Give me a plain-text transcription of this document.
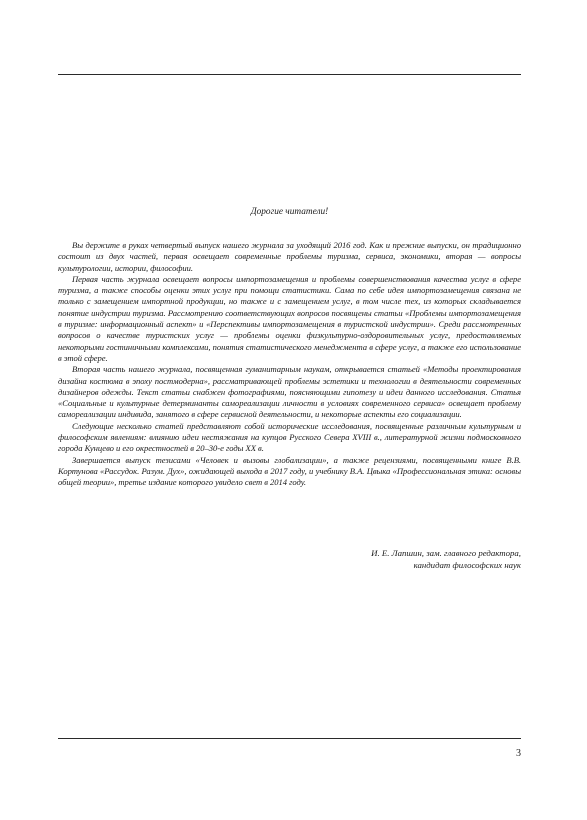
Дорогие читатели!

Вы держите в руках четвертый выпуск нашего журнала за уходящий 2016 год. Как и прежние выпуски, он традиционно состоит из двух частей, первая освещает современные проблемы туризма, сервиса, экономики, вторая — вопросы культурологии, истории, философии.

Первая часть журнала освещает вопросы импортозамещения и проблемы совершенствования качества услуг в сфере туризма, а также способы оценки этих услуг при помощи статистики. Сама по себе идея импортозамещения связана не только с замещением импортной продукции, но также и с замещением услуг, в том числе тех, из которых складывается понятие индустрии туризма. Рассмотрению соответствующих вопросов посвящены статьи «Проблемы импортозамещения в туризме: информационный аспект» и «Перспективы импортозамещения в туристской индустрии». Среди рассмотренных вопросов о качестве туристских услуг — проблемы оценки физкультурно-оздоровительных услуг, предоставляемых некоторыми гостиничными комплексами, понятия статистического менеджмента в сфере услуг, а также его использование в этой сфере.

Вторая часть нашего журнала, посвященная гуманитарным наукам, открывается статьей «Методы проектирования дизайна костюма в эпоху постмодерна», рассматривающей проблемы эстетики и технологии в деятельности современных дизайнеров одежды. Текст статьи снабжен фотографиями, поясняющими гипотезу и идеи данного исследования. Статья «Социальные и культурные детерминанты самореализации личности в условиях современного сервиса» освещает проблему самореализации индивида, занятого в сфере сервисной деятельности, и некоторые аспекты его социализации.

Следующие несколько статей представляют собой исторические исследования, посвященные различным культурным и философским явлениям: влиянию идеи нестяжания на купцов Русского Севера XVIII в., литературной жизни подмосковного города Кунцево и его окрестностей в 20–30-е годы XX в.

Завершается выпуск тезисами «Человек и вызовы глобализации», а также рецензиями, посвященными книге В.В. Кортунова «Рассудок. Разум. Дух», ожидающей выхода в 2017 году, и учебнику В.А. Цвыка «Профессиональная этика: основы общей теории», третье издание которого увидело свет в 2014 году.

И. Е. Лапшин, зам. главного редактора,
кандидат философских наук
3
